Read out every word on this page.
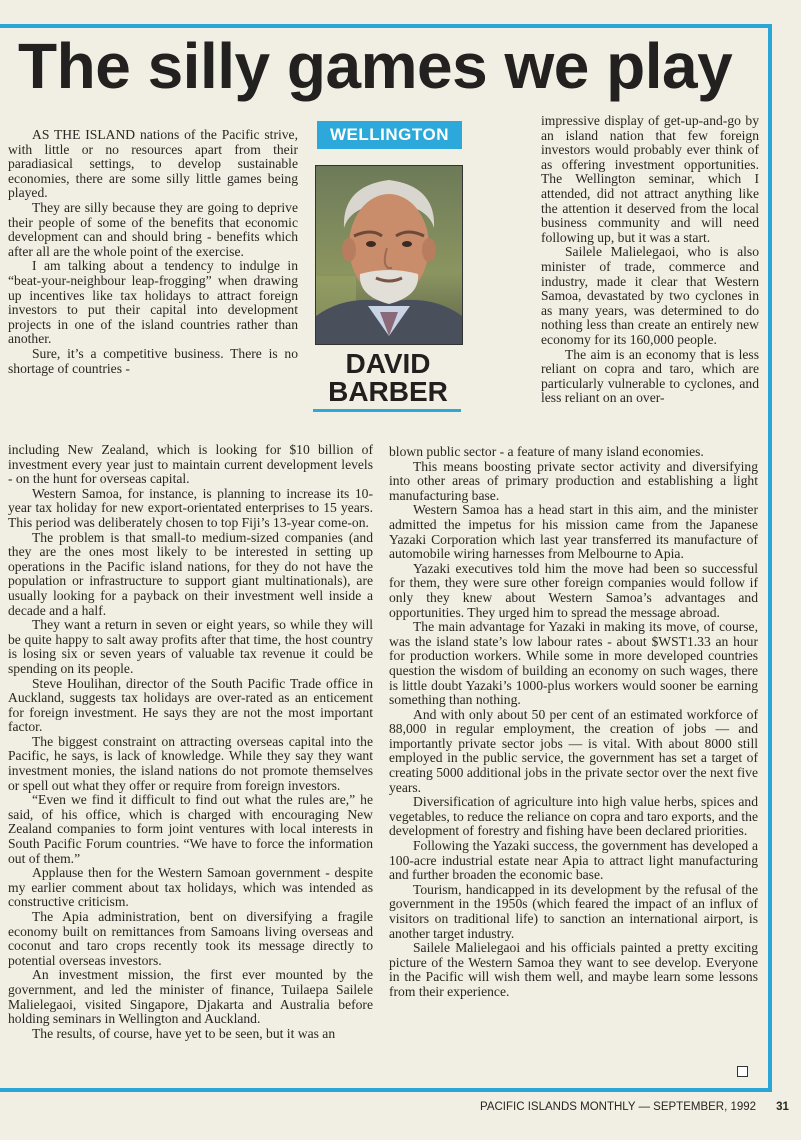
The silly games we play

AS THE ISLAND nations of the Pacific strive, with little or no resources apart from their paradiasical settings, to develop sustainable economies, there are some silly little games being played.

They are silly because they are going to deprive their people of some of the benefits that economic development can and should bring - benefits which after all are the whole point of the exercise.

I am talking about a tendency to indulge in “beat-your-neighbour leap-frogging” when drawing up incentives like tax holidays to attract foreign investors to put their capital into development projects in one of the island countries rather than another.

Sure, it’s a competitive business. There is no shortage of countries -

including New Zealand, which is looking for $10 billion of investment every year just to maintain current development levels - on the hunt for overseas capital.

Western Samoa, for instance, is planning to increase its 10-year tax holiday for new export-orientated enterprises to 15 years. This period was deliberately chosen to top Fiji’s 13-year come-on.

The problem is that small-to medium-sized companies (and they are the ones most likely to be interested in setting up operations in the Pacific island nations, for they do not have the population or infrastructure to support giant multinationals), are usually looking for a payback on their investment well inside a decade and a half.

They want a return in seven or eight years, so while they will be quite happy to salt away profits after that time, the host country is losing six or seven years of valuable tax revenue it could be spending on its people.

Steve Houlihan, director of the South Pacific Trade office in Auckland, suggests tax holidays are over-rated as an enticement for foreign investment. He says they are not the most important factor.

The biggest constraint on attracting overseas capital into the Pacific, he says, is lack of knowledge. While they say they want investment monies, the island nations do not promote themselves or spell out what they offer or require from foreign investors.

“Even we find it difficult to find out what the rules are,” he said, of his office, which is charged with encouraging New Zealand companies to form joint ventures with local interests in South Pacific Forum countries. “We have to force the information out of them.”

Applause then for the Western Samoan government - despite my earlier comment about tax holidays, which was intended as constructive criticism.

The Apia administration, bent on diversifying a fragile economy built on remittances from Samoans living overseas and coconut and taro crops recently took its message directly to potential overseas investors.

An investment mission, the first ever mounted by the government, and led the minister of finance, Tuilaepa Sailele Malielegaoi, visited Singapore, Djakarta and Australia before holding seminars in Wellington and Auckland.

The results, of course, have yet to be seen, but it was an

WELLINGTON
DAVID
BARBER

impressive display of get-up-and-go by an island nation that few foreign investors would probably ever think of as offering investment opportunities. The Wellington seminar, which I attended, did not attract anything like the attention it deserved from the local business community and will need following up, but it was a start.

Sailele Malielegaoi, who is also minister of trade, commerce and industry, made it clear that Western Samoa, devastated by two cyclones in as many years, was determined to do nothing less than create an entirely new economy for its 160,000 people.

The aim is an economy that is less reliant on copra and taro, which are particularly vulnerable to cyclones, and less reliant on an over-

blown public sector - a feature of many island economies.

This means boosting private sector activity and diversifying into other areas of primary production and establishing a light manufacturing base.

Western Samoa has a head start in this aim, and the minister admitted the impetus for his mission came from the Japanese Yazaki Corporation which last year transferred its manufacture of automobile wiring harnesses from Melbourne to Apia.

Yazaki executives told him the move had been so successful for them, they were sure other foreign companies would follow if only they knew about Western Samoa’s advantages and opportunities. They urged him to spread the message abroad.

The main advantage for Yazaki in making its move, of course, was the island state’s low labour rates - about $WST1.33 an hour for production workers. While some in more developed countries question the wisdom of building an economy on such wages, there is little doubt Yazaki’s 1000-plus workers would sooner be earning something than nothing.

And with only about 50 per cent of an estimated workforce of 88,000 in regular employment, the creation of jobs — and importantly private sector jobs — is vital. With about 8000 still employed in the public service, the government has set a target of creating 5000 additional jobs in the private sector over the next five years.

Diversification of agriculture into high value herbs, spices and vegetables, to reduce the reliance on copra and taro exports, and the development of forestry and fishing have been declared priorities.

Following the Yazaki success, the government has developed a 100-acre industrial estate near Apia to attract light manufacturing and further broaden the economic base.

Tourism, handicapped in its development by the refusal of the government in the 1950s (which feared the impact of an influx of visitors on traditional life) to sanction an international airport, is another target industry.

Sailele Malielegaoi and his officials painted a pretty exciting picture of the Western Samoa they want to see develop. Everyone in the Pacific will wish them well, and maybe learn some lessons from their experience.

PACIFIC ISLANDS MONTHLY — SEPTEMBER, 1992 31
